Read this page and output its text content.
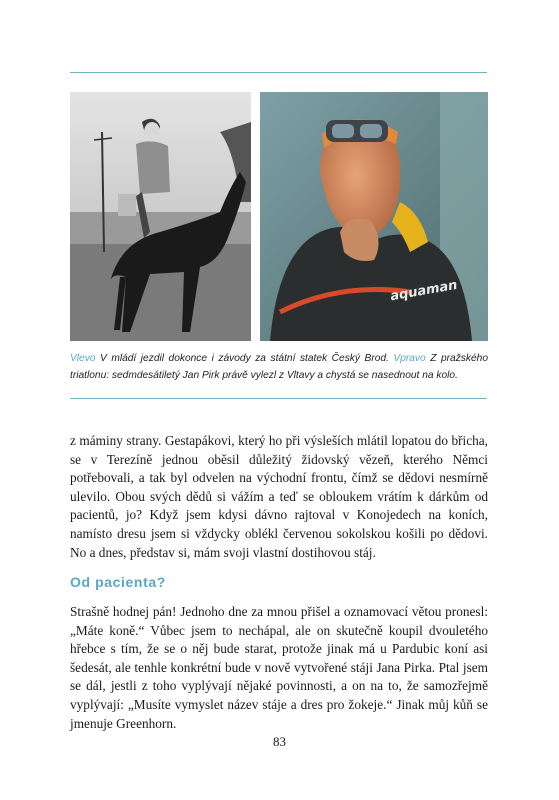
aquaman

Vlevo V mládí jezdil dokonce i závody za státní statek Český Brod. Vpravo Z pražského triatlonu: sedmdesátiletý Jan Pirk právě vylezl z Vltavy a chystá se nasednout na kolo.

z máminy strany. Gestapákovi, který ho při výsleších mlátil lopatou do břicha, se v Terezíně jednou oběsil důležitý židovský vězeň, kterého Němci potřebovali, a tak byl odvelen na východní frontu, čímž se dědovi nesmírně ulevilo. Obou svých dědů si vážím a teď se obloukem vrátím k dárkům od pacientů, jo? Když jsem kdysi dávno rajtoval v Konojedech na koních, namísto dresu jsem si vždycky oblékl červenou sokolskou košili po dědovi. No a dnes, představ si, mám svoji vlastní dostihovou stáj.

Od pacienta?

Strašně hodnej pán! Jednoho dne za mnou přišel a oznamovací větou pronesl: „Máte koně.“ Vůbec jsem to nechápal, ale on skutečně koupil dvouletého hřebce s tím, že se o něj bude starat, protože jinak má u Pardubic koní asi šedesát, ale tenhle konkrétní bude v nově vytvořené stáji Jana Pirka. Ptal jsem se dál, jestli z toho vyplývají nějaké povinnosti, a on na to, že samozřejmě vyplývají: „Musíte vymyslet název stáje a dres pro žokeje.“ Jinak můj kůň se jmenuje Greenhorn.

83
